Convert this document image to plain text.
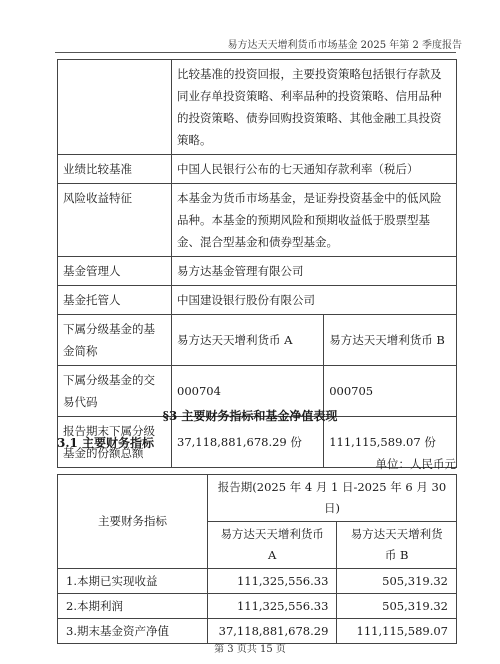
易方达天天增利货币市场基金 2025 年第 2 季度报告
	比较基准的投资回报，主要投资策略包括银行存款及同业存单投资策略、利率品种的投资策略、信用品种的投资策略、债券回购投资策略、其他金融工具投资策略。	
业绩比较基准	中国人民银行公布的七天通知存款利率（税后）	
风险收益特征	本基金为货币市场基金，是证券投资基金中的低风险品种。本基金的预期风险和预期收益低于股票型基金、混合型基金和债券型基金。	
基金管理人	易方达基金管理有限公司	
基金托管人	中国建设银行股份有限公司	
下属分级基金的基金简称	易方达天天增利货币 A	易方达天天增利货币 B
下属分级基金的交易代码	000704	000705
报告期末下属分级基金的份额总额	37,118,881,678.29 份	111,115,589.07 份
§3 主要财务指标和基金净值表现
3.1 主要财务指标
单位：人民币元
主要财务指标	报告期(2025 年 4 月 1 日-2025 年 6 月 30 日)	
	易方达天天增利货币 A	易方达天天增利货币 B
1.本期已实现收益	111,325,556.33	505,319.32
2.本期利润	111,325,556.33	505,319.32
3.期末基金资产净值	37,118,881,678.29	111,115,589.07
第 3 页共 15 页
